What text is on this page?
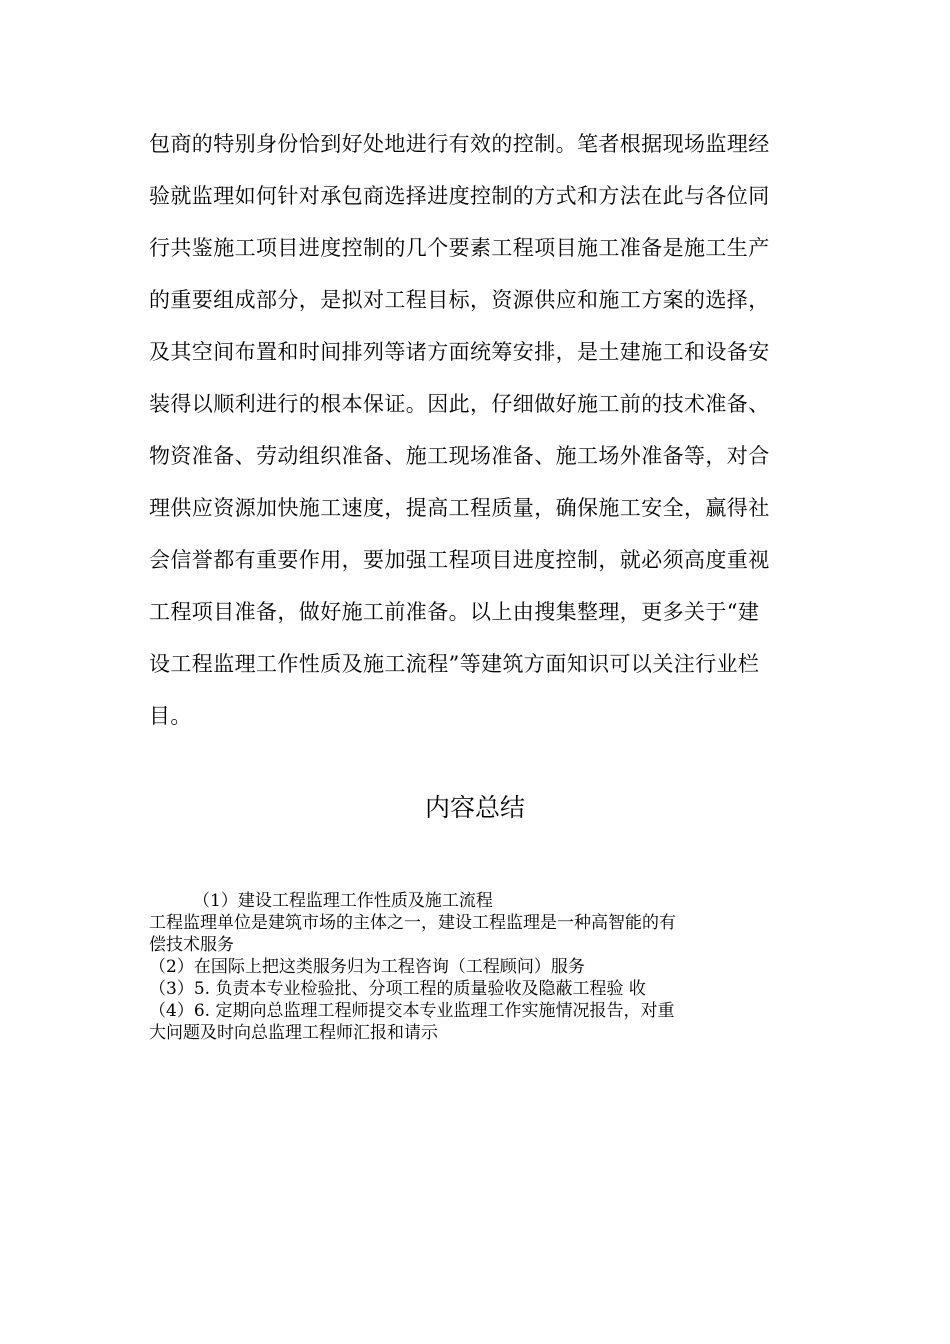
包商的特别身份恰到好处地进行有效的控制。笔者根据现场监理经
验就监理如何针对承包商选择进度控制的方式和方法在此与各位同
行共鉴施工项目进度控制的几个要素工程项目施工准备是施工生产
的重要组成部分，是拟对工程目标，资源供应和施工方案的选择，
及其空间布置和时间排列等诸方面统筹安排，是土建施工和设备安
装得以顺利进行的根本保证。因此，仔细做好施工前的技术准备、
物资准备、劳动组织准备、施工现场准备、施工场外准备等，对合
理供应资源加快施工速度，提高工程质量，确保施工安全，赢得社
会信誉都有重要作用，要加强工程项目进度控制，就必须高度重视
工程项目准备，做好施工前准备。以上由搜集整理，更多关于“建
设工程监理工作性质及施工流程”等建筑方面知识可以关注行业栏
目。
内容总结
（1）建设工程监理工作性质及施工流程
工程监理单位是建筑市场的主体之一，建设工程监理是一种高智能的有
偿技术服务
（2）在国际上把这类服务归为工程咨询（工程顾问）服务
（3）5. 负责本专业检验批、分项工程的质量验收及隐蔽工程验 收
（4）6. 定期向总监理工程师提交本专业监理工作实施情况报告，对重
大问题及时向总监理工程师汇报和请示
